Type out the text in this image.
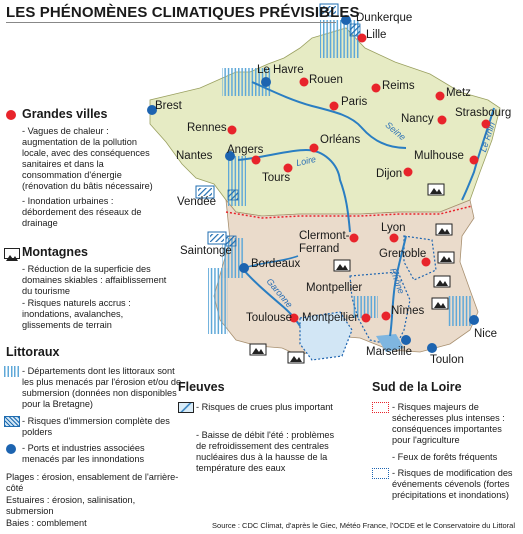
LES PHÉNOMÈNES CLIMATIQUES PRÉVISIBLES
Dunkerque
Lille
Le Havre
Rouen	Reims
Metz
Brest	Paris
Nancy Strasbourg
Rennes
Orléans
Angers
Nantes
Tours
Mulhouse
Dijon
Vendée
Clermont-
Ferrand
Lyon
Saintonge
Bordeaux
Grenoble
Montpellier
Toulouse Montpellier
Nîmes
Nice
Marseille
Toulon
Seine
Loire
Le Rhin
Garonne	Rhône
Grandes villes
- Vagues de chaleur : augmentation de la pollution locale, avec des conséquences sanitaires et dans la consommation d'énergie (rénovation du bâtis nécessaire)
- Inondation urbaines : débordement des réseaux de drainage
Montagnes
- Réduction de la superficie des domaines skiables : affaiblissement du tourisme
- Risques naturels accrus : inondations, avalanches, glissements de terrain
Littoraux
- Départements dont les littoraux sont les plus menacés par l'érosion et/ou de submersion (données non disponibles pour la Bretagne)
- Risques d'immersion complète des polders
- Ports et industries associées menacés par les innondations
Plages : érosion, ensablement de l'arrière-côté
Estuaires : érosion, salinisation, submersion
Baies : comblement
Fleuves
- Risques de crues plus important
- Baisse de débit l'été : problèmes de refroidissement des centrales nucléaires dus à la hausse de la température des eaux
Sud de la Loire
- Risques majeurs de sécheresses plus intenses : conséquences importantes pour l'agriculture
- Feux de forêts fréquents
- Risques de modification des événements cévenols (fortes précipitations et inondations)
Source : CDC Climat, d'après le Giec, Météo France, l'OCDE et le Conservatoire du Littoral
